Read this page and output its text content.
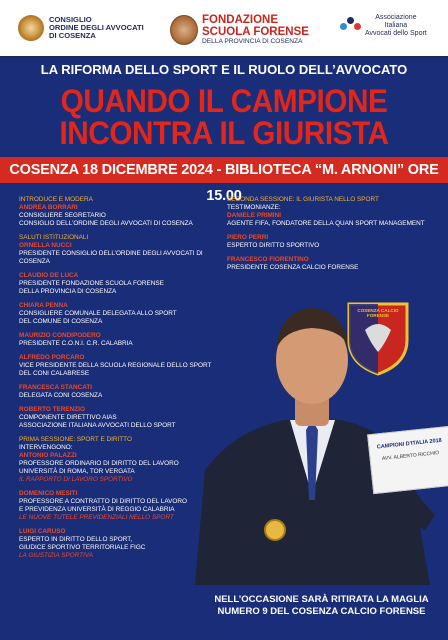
CONSIGLIO
ORDINE DEGLI AVVOCATI
DI COSENZA
FONDAZIONE
SCUOLA FORENSE
DELLA PROVINCIA DI COSENZA
Associazione
Italiana
Avvocati dello Sport
LA RIFORMA DELLO SPORT E IL RUOLO DELL’AVVOCATO
QUANDO IL CAMPIONE
INCONTRA IL GIURISTA
COSENZA 18 DICEMBRE 2024 - BIBLIOTECA “M. ARNONI” ORE 15.00
INTRODUCE E MODERA
ANDREA BORRARI
CONSIGLIERE SEGRETARIO
CONSIGLIO DELL’ORDINE DEGLI AVVOCATI DI COSENZA
SALUTI ISTITUZIONALI
ORNELLA NUCCI
PRESIDENTE CONSIGLIO DELL’ORDINE DEGLI AVVOCATI DI
COSENZA
CLAUDIO DE LUCA
PRESIDENTE FONDAZIONE SCUOLA FORENSE
DELLA PROVINCIA DI COSENZA
CHIARA PENNA
CONSIGLIERE COMUNALE DELEGATA ALLO SPORT
DEL COMUNE DI COSENZA
MAURIZIO CONDIPODERO
PRESIDENTE C.O.N.I. C.R. CALABRIA
ALFREDO PORCARO
VICE PRESIDENTE DELLA SCUOLA REGIONALE DELLO SPORT
DEL CONI CALABRESE
FRANCESCA STANCATI
DELEGATA CONI COSENZA
ROBERTO TERENZIO
COMPONENTE DIRETTIVO AIAS
ASSOCIAZIONE ITALIANA AVVOCATI DELLO SPORT
PRIMA SESSIONE: SPORT E DIRITTO
INTERVENGONO:
ANTONIO PALAZZI
PROFESSORE ORDINARIO DI DIRITTO DEL LAVORO
UNIVERSITÀ DI ROMA, TOR VERGATA
IL RAPPORTO DI LAVORO SPORTIVO
DOMENICO MESITI
PROFESSORE A CONTRATTO DI DIRITTO DEL LAVORO
E PREVIDENZA UNIVERSITÀ DI REGGIO CALABRIA
LE NUOVE TUTELE PREVIDENZIALI NELLO SPORT
LUIGI CARUSO
ESPERTO IN DIRITTO DELLO SPORT,
GIUDICE SPORTIVO TERRITORIALE FIGC
LA GIUSTIZIA SPORTIVA
SECONDA SESSIONE: IL GIURISTA NELLO SPORT
TESTIMONIANZE:
DANIELE PRIMINI
AGENTE FIFA, FONDATORE DELLA QUAN SPORT MANAGEMENT
PIERO PERRI
ESPERTO DIRITTO SPORTIVO
FRANCESCO FIORENTINO
PRESIDENTE COSENZA CALCIO FORENSE
CAMPIONI D'ITALIA 2018
AVV. ALBERTO RICCHIO
COSENZA CALCIO FORENSE
NELL’OCCASIONE SARÀ RITIRATA LA MAGLIA
NUMERO 9 DEL COSENZA CALCIO FORENSE
